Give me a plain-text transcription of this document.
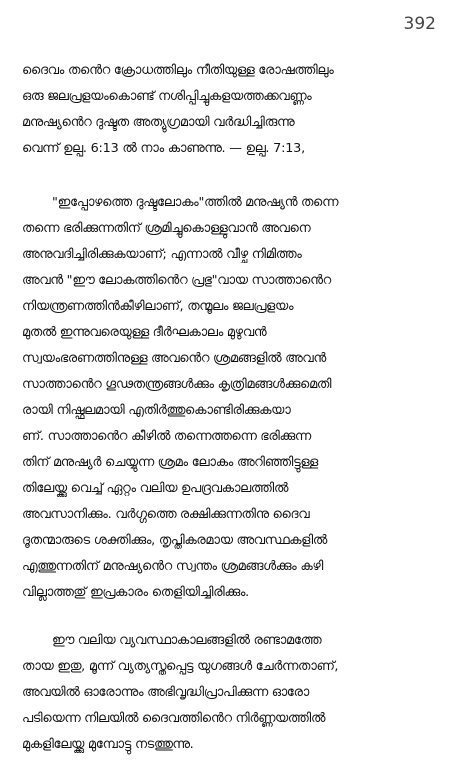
392
ദൈവം തൻെറ ക്രോധത്തിലും നീതിയുള്ള രോഷത്തിലും
ഒരു ജലപ്രളയംകൊണ്ട് നശിപ്പിച്ചുകളയത്തക്കവണ്ണം
മനുഷ്യൻെറ ദുഷ്ടത അത്യുഗ്രമായി വർദ്ധിച്ചിരുന്നു
വെന്ന് ഉല്പ. 6:13 ൽ നാം കാണുന്നു. — ഉല്പ. 7:13,
"ഇപ്പോഴത്തെ ദുഷ്ടലോകം"ത്തിൽ മനുഷ്യൻ തന്നെ
തന്നെ ഭരിക്കുന്നതിന് ശ്രമിച്ചുകൊള്ളുവാൻ അവനെ
അനുവദിച്ചിരിക്കുകയാണ്; എന്നാൽ വീഴ്ച നിമിത്തം
അവൻ "ഈ ലോകത്തിൻെറ പ്രഭു"വായ സാത്താൻെറ
നിയന്ത്രണത്തിൻകീഴിലാണ്, തന്മൂലം ജലപ്രളയം
മുതൽ ഇന്നുവരെയുള്ള ദീർഘകാലം മുഴുവൻ
സ്വയംഭരണത്തിനുള്ള അവൻെറ ശ്രമങ്ങളിൽ അവൻ
സാത്താൻെറ ഗൂഢതന്ത്രങ്ങൾക്കും കൃത്രിമങ്ങൾക്കുമെതി
രായി നിഷ്ഫലമായി എതിർത്തുകൊണ്ടിരിക്കുകയാ
ണ്. സാത്താൻെറ കീഴിൽ തന്നെത്തന്നെ ഭരിക്കുന്ന
തിന് മനുഷ്യർ ചെയ്യുന്ന ശ്രമം ലോകം അറിഞ്ഞിട്ടുള്ള
തിലേയ്ക്കു വെച്ച് ഏറ്റം വലിയ ഉപദ്രവകാലത്തിൽ
അവസാനിക്കും. വർഗ്ഗത്തെ രക്ഷിക്കുന്നതിനു ദൈവ
ദൂതന്മാരുടെ ശക്തിക്കും, തൃപ്തികരമായ അവസ്ഥകളിൽ
എത്തുന്നതിന് മനുഷ്യൻെറ സ്വന്തം ശ്രമങ്ങൾക്കും കഴി
വില്ലാത്തതു് ഇപ്രകാരം തെളിയിച്ചിരിക്കും.
ഈ വലിയ വ്യവസ്ഥാകാലങ്ങളിൽ രണ്ടാമത്തേ
തായ ഇതു, മൂന്ന് വ്യത്യസ്തപ്പെട്ട യുഗങ്ങൾ ചേർന്നതാണ്,
അവയിൽ ഓരോന്നും അഭിവൃദ്ധിപ്രാപിക്കുന്ന ഓരോ
പടിയെന്ന നിലയിൽ ദൈവത്തിൻെറ നിർണ്ണയത്തിൽ
മുകളിലേയ്ക്കു മുമ്പോട്ടു നടത്തുന്നു.
